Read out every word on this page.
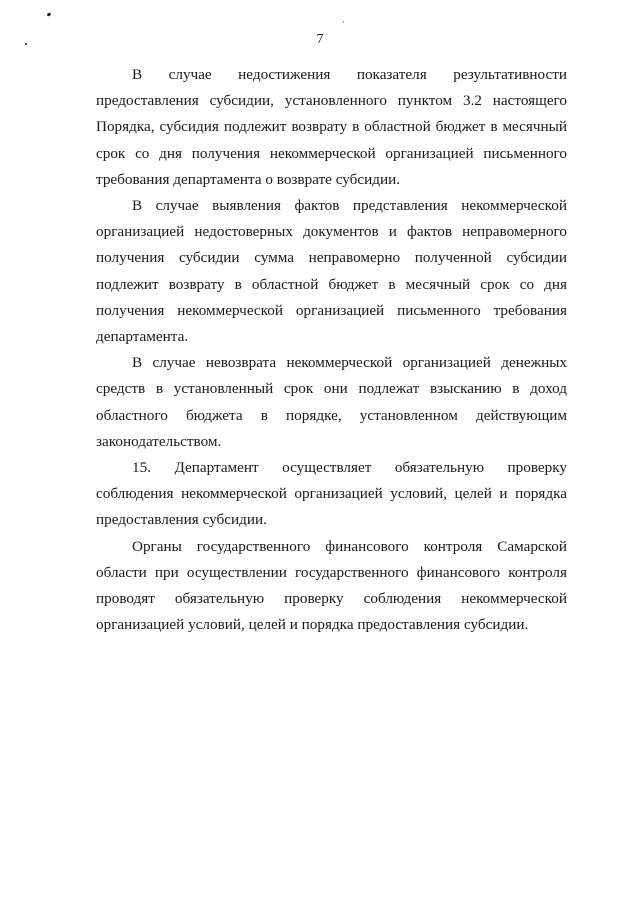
7

В случае недостижения показателя результативности предоставления субсидии, установленного пунктом 3.2 настоящего Порядка, субсидия подлежит возврату в областной бюджет в месячный срок со дня получения некоммерческой организацией письменного требования департамента о возврате субсидии.

В случае выявления фактов представления некоммерческой организацией недостоверных документов и фактов неправомерного получения субсидии сумма неправомерно полученной субсидии подлежит возврату в областной бюджет в месячный срок со дня получения некоммерческой организацией письменного требования департамента.

В случае невозврата некоммерческой организацией денежных средств в установленный срок они подлежат взысканию в доход областного бюджета в порядке, установленном действующим законодательством.

15. Департамент осуществляет обязательную проверку соблюдения некоммерческой организацией условий, целей и порядка предоставления субсидии.

Органы государственного финансового контроля Самарской области при осуществлении государственного финансового контроля проводят обязательную проверку соблюдения некоммерческой организацией условий, целей и порядка предоставления субсидии.
